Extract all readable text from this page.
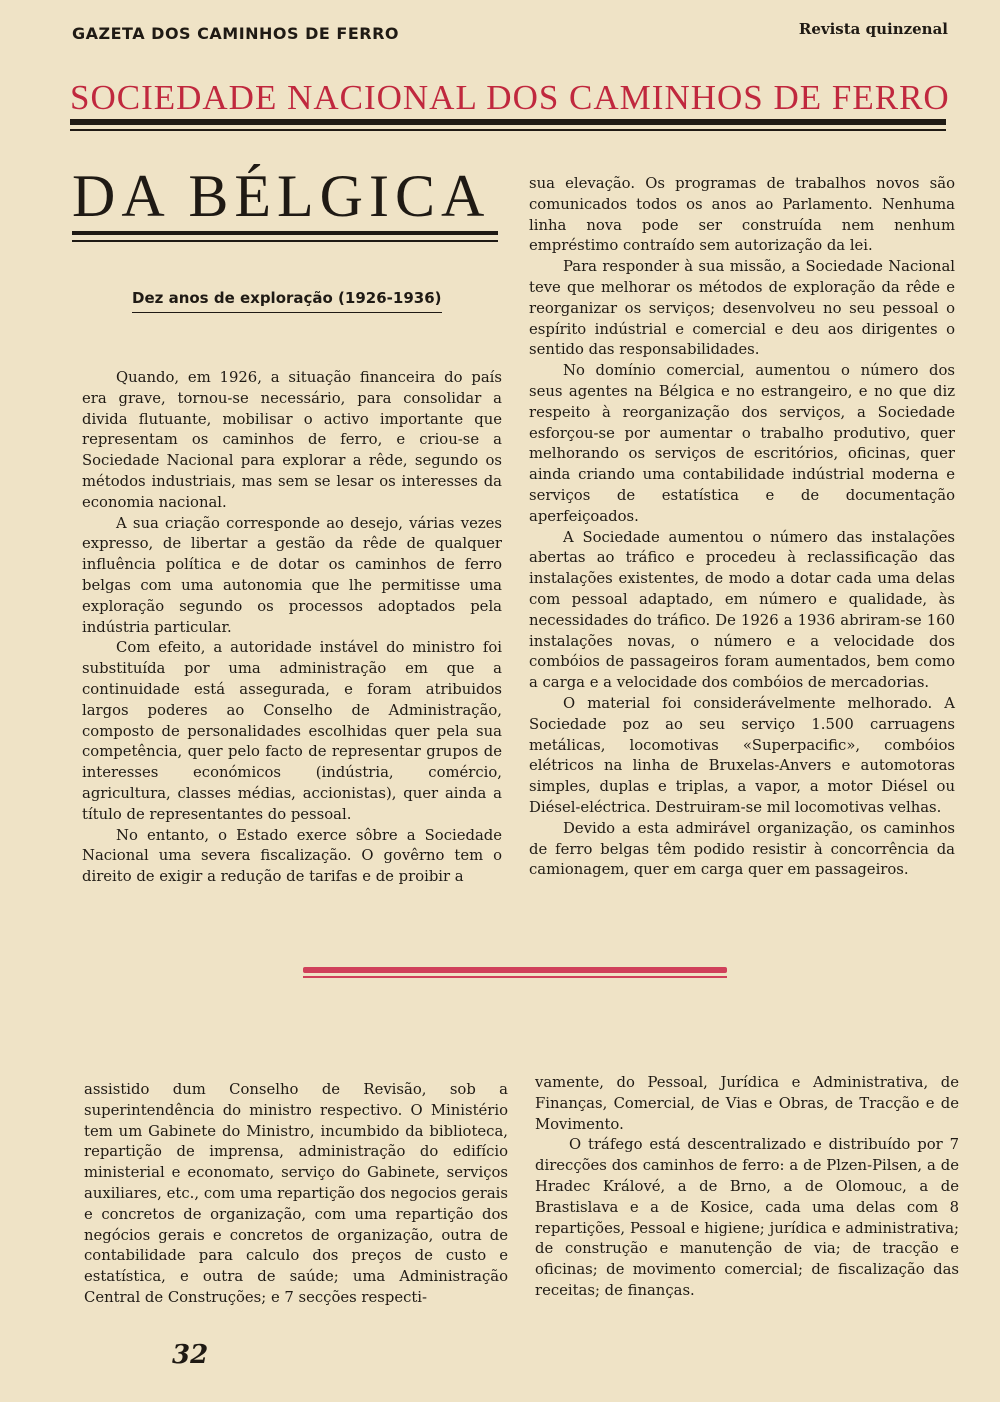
GAZETA DOS CAMINHOS DE FERRO	Revista quinzenal
SOCIEDADE NACIONAL DOS CAMINHOS DE FERRO
DA BÉLGICA
Dez anos de exploração (1926-1936)

Quando, em 1926, a situação financeira do país era grave, tornou-se necessário, para consolidar a divida flutuante, mobilisar o activo importante que representam os caminhos de ferro, e criou-se a Sociedade Nacional para explorar a rêde, segundo os métodos industriais, mas sem se lesar os interesses da economia nacional.

A sua criação corresponde ao desejo, várias vezes expresso, de libertar a gestão da rêde de qualquer influência política e de dotar os caminhos de ferro belgas com uma autonomia que lhe permitisse uma exploração segundo os processos adoptados pela indústria particular.

Com efeito, a autoridade instável do ministro foi substituída por uma administração em que a continuidade está assegurada, e foram atribuidos largos poderes ao Conselho de Administração, composto de personalidades escolhidas quer pela sua competência, quer pelo facto de representar grupos de interesses económicos (indústria, comércio, agricultura, classes médias, accionistas), quer ainda a título de representantes do pessoal.

No entanto, o Estado exerce sôbre a Sociedade Nacional uma severa fiscalização. O govêrno tem o direito de exigir a redução de tarifas e de proibir a

sua elevação. Os programas de trabalhos novos são comunicados todos os anos ao Parlamento. Nenhuma linha nova pode ser construída nem nenhum empréstimo contraído sem autorização da lei.

Para responder à sua missão, a Sociedade Nacional teve que melhorar os métodos de exploração da rêde e reorganizar os serviços; desenvolveu no seu pessoal o espírito indústrial e comercial e deu aos dirigentes o sentido das responsabilidades.

No domínio comercial, aumentou o número dos seus agentes na Bélgica e no estrangeiro, e no que diz respeito à reorganização dos serviços, a Sociedade esforçou-se por aumentar o trabalho produtivo, quer melhorando os serviços de escritórios, oficinas, quer ainda criando uma contabilidade indústrial moderna e serviços de estatística e de documentação aperfeiçoados.

A Sociedade aumentou o número das instalações abertas ao tráfico e procedeu à reclassificação das instalações existentes, de modo a dotar cada uma delas com pessoal adaptado, em número e qualidade, às necessidades do tráfico. De 1926 a 1936 abriram-se 160 instalações novas, o número e a velocidade dos combóios de passageiros foram aumentados, bem como a carga e a velocidade dos combóios de mercadorias.

O material foi considerávelmente melhorado. A Sociedade poz ao seu serviço 1.500 carruagens metálicas, locomotivas «Superpacific», combóios elétricos na linha de Bruxelas-Anvers e automotoras simples, duplas e triplas, a vapor, a motor Diésel ou Diésel-eléctrica. Destruiram-se mil locomotivas velhas.

Devido a esta admirável organização, os caminhos de ferro belgas têm podido resistir à concorrência da camionagem, quer em carga quer em passageiros.

assistido dum Conselho de Revisão, sob a superintendência do ministro respectivo. O Ministério tem um Gabinete do Ministro, incumbido da biblioteca, repartição de imprensa, administração do edifício ministerial e economato, serviço do Gabinete, serviços auxiliares, etc., com uma repartição dos negocios gerais e concretos de organização, com uma repartição dos negócios gerais e concretos de organização, outra de contabilidade para calculo dos preços de custo e estatística, e outra de saúde; uma Administração Central de Construções; e 7 secções respecti-

vamente, do Pessoal, Jurídica e Administrativa, de Finanças, Comercial, de Vias e Obras, de Tracção e de Movimento.

O tráfego está descentralizado e distribuído por 7 direcções dos caminhos de ferro: a de Plzen-Pilsen, a de Hradec Králové, a de Brno, a de Olomouc, a de Brastislava e a de Kosice, cada uma delas com 8 repartições, Pessoal e higiene; jurídica e administrativa; de construção e manutenção de via; de tracção e oficinas; de movimento comercial; de fiscalização das receitas; de finanças.

32
